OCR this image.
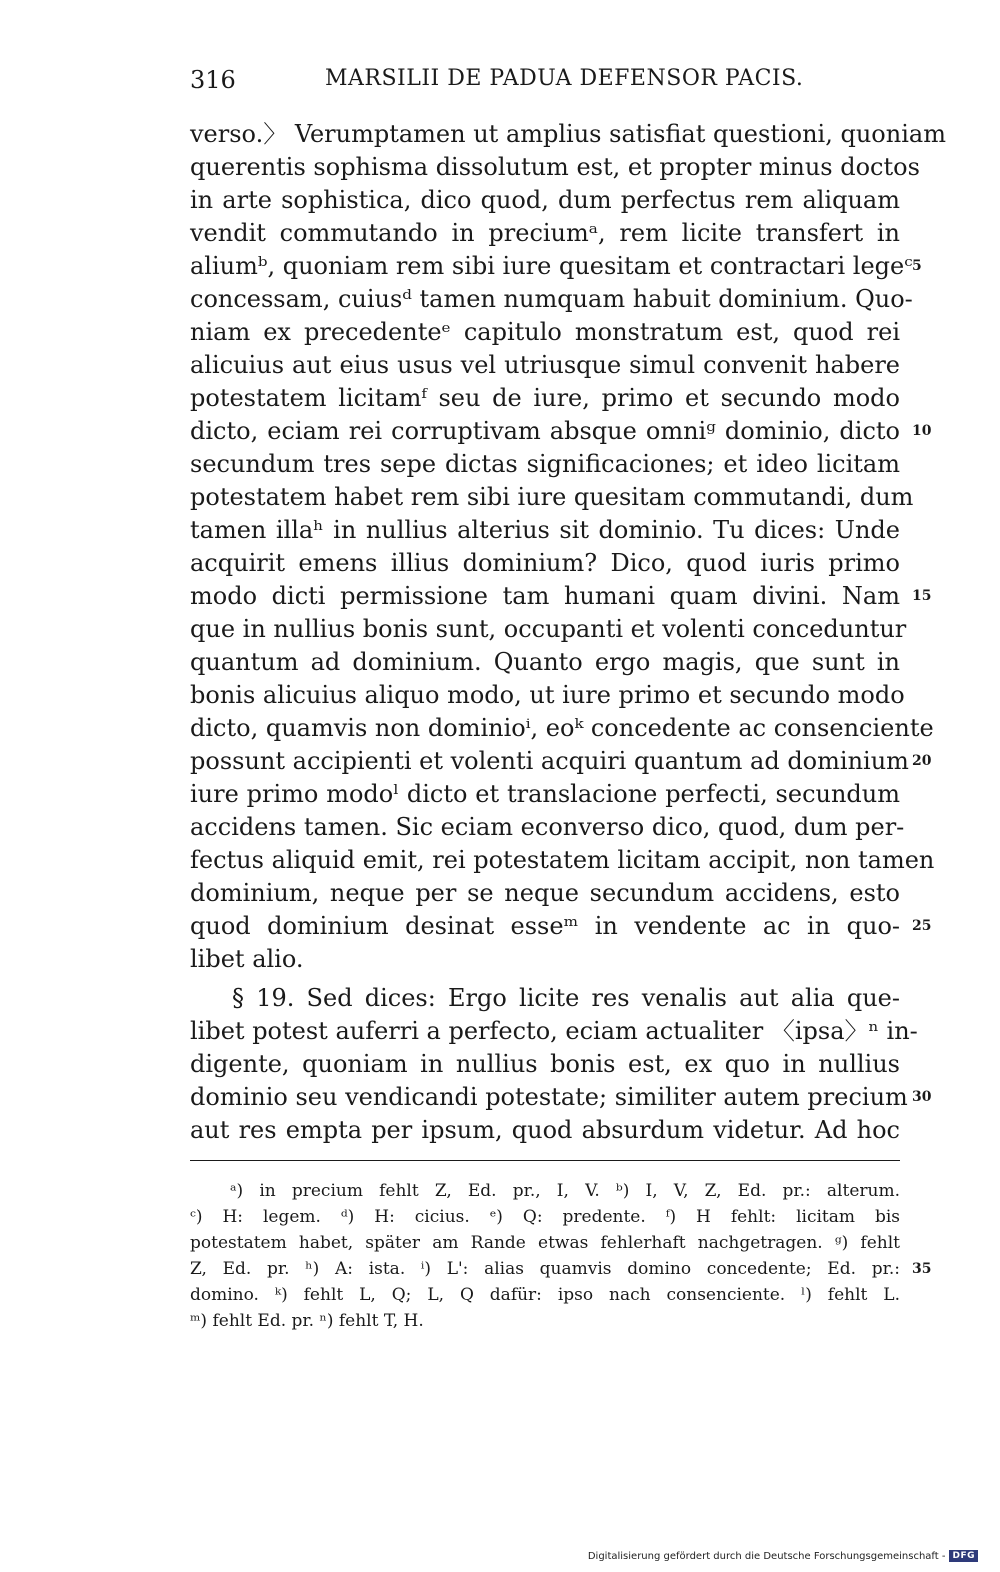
316	MARSILII DE PADUA DEFENSOR PACIS.
verso.〉 Verumptamen ut amplius satisfiat questioni, quoniam
querentis sophisma dissolutum est, et propter minus doctos
in arte sophistica, dico quod, dum perfectus rem aliquam
vendit commutando in preciumᵃ, rem licite transfert in
aliumᵇ, quoniam rem sibi iure quesitam et contractari legeᶜ
concessam, cuiusᵈ tamen numquam habuit dominium. Quo-
niam ex precedenteᵉ capitulo monstratum est, quod rei
alicuius aut eius usus vel utriusque simul convenit habere
potestatem licitamᶠ seu de iure, primo et secundo modo
dicto, eciam rei corruptivam absque omniᵍ dominio, dicto
secundum tres sepe dictas significaciones; et ideo licitam
potestatem habet rem sibi iure quesitam commutandi, dum
tamen illaʰ in nullius alterius sit dominio. Tu dices: Unde
acquirit emens illius dominium? Dico, quod iuris primo
modo dicti permissione tam humani quam divini. Nam
que in nullius bonis sunt, occupanti et volenti conceduntur
quantum ad dominium. Quanto ergo magis, que sunt in
bonis alicuius aliquo modo, ut iure primo et secundo modo
dicto, quamvis non dominioⁱ, eoᵏ concedente ac consenciente
possunt accipienti et volenti acquiri quantum ad dominium
iure primo modoˡ dicto et translacione perfecti, secundum
accidens tamen. Sic eciam econverso dico, quod, dum per-
fectus aliquid emit, rei potestatem licitam accipit, non tamen
dominium, neque per se neque secundum accidens, esto
quod dominium desinat esseᵐ in vendente ac in quo-
libet alio.
§ 19. Sed dices: Ergo licite res venalis aut alia que-
libet potest auferri a perfecto, eciam actualiter 〈ipsa〉ⁿ in-
digente, quoniam in nullius bonis est, ex quo in nullius
dominio seu vendicandi potestate; similiter autem precium
aut res empta per ipsum, quod absurdum videtur. Ad hoc
5
10
15
20
25
30
ᵃ) in precium fehlt Z, Ed. pr., I, V. ᵇ) I, V, Z, Ed. pr.: alterum.
ᶜ) H: legem. ᵈ) H: cicius. ᵉ) Q: predente. ᶠ) H fehlt: licitam bis
potestatem habet, später am Rande etwas fehlerhaft nachgetragen. ᵍ) fehlt
Z, Ed. pr. ʰ) A: ista. ⁱ) L': alias quamvis domino concedente; Ed. pr.:
domino. ᵏ) fehlt L, Q; L, Q dafür: ipso nach consenciente. ˡ) fehlt L.
ᵐ) fehlt Ed. pr. ⁿ) fehlt T, H.
35
Digitalisierung gefördert durch die Deutsche Forschungsgemeinschaft - DFG
